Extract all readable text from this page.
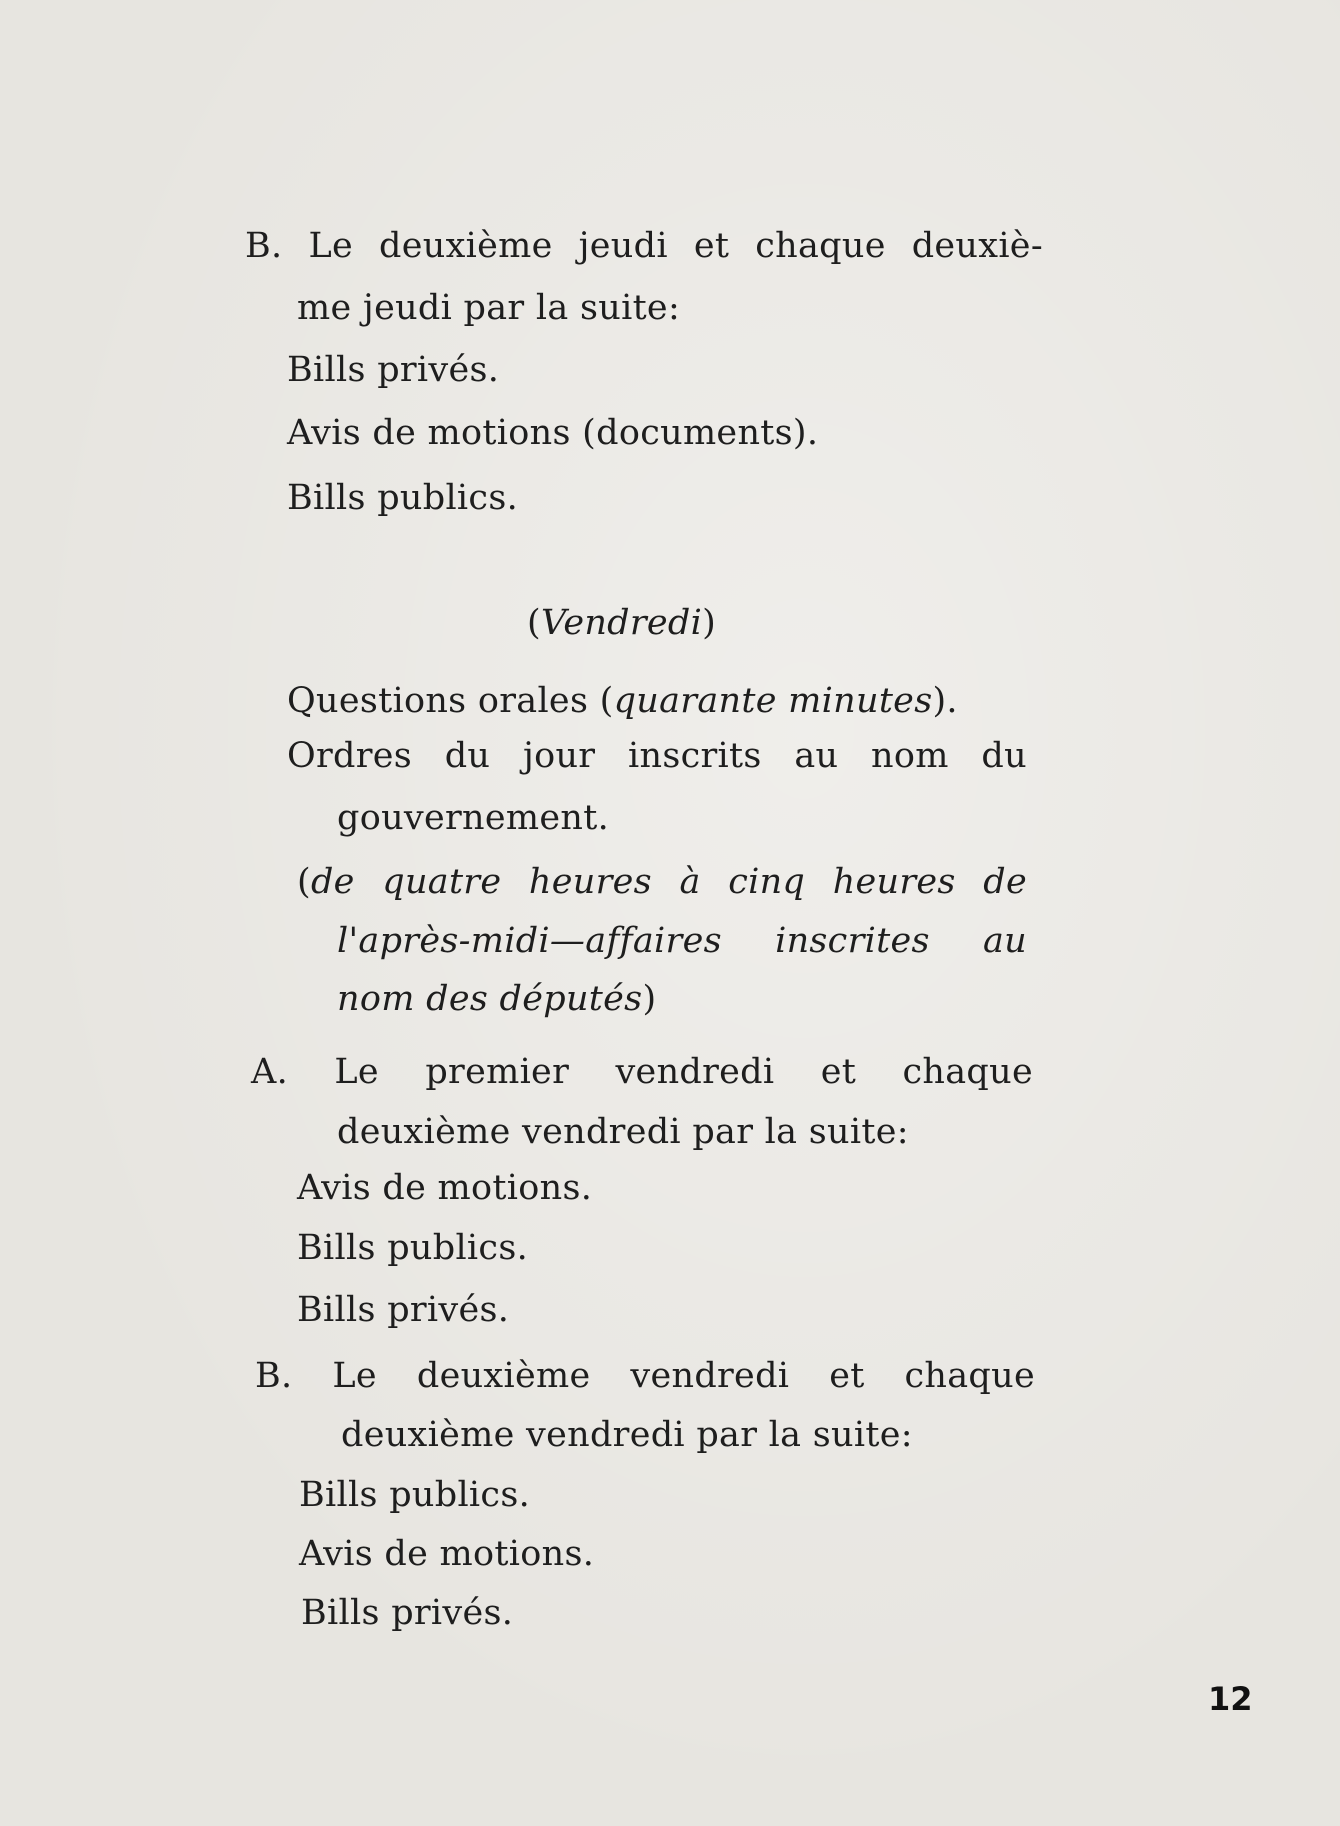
B. Le deuxième jeudi et chaque deuxiè-
me jeudi par la suite:
Bills privés.
Avis de motions (documents).
Bills publics.
(Vendredi)
Questions orales (quarante minutes).
Ordres du jour inscrits au nom du
gouvernement.
(de quatre heures à cinq heures de
l'après-midi—affaires inscrites au
nom des députés)
A. Le premier vendredi et chaque
deuxième vendredi par la suite:
Avis de motions.
Bills publics.
Bills privés.
B. Le deuxième vendredi et chaque
deuxième vendredi par la suite:
Bills publics.
Avis de motions.
Bills privés.
12
